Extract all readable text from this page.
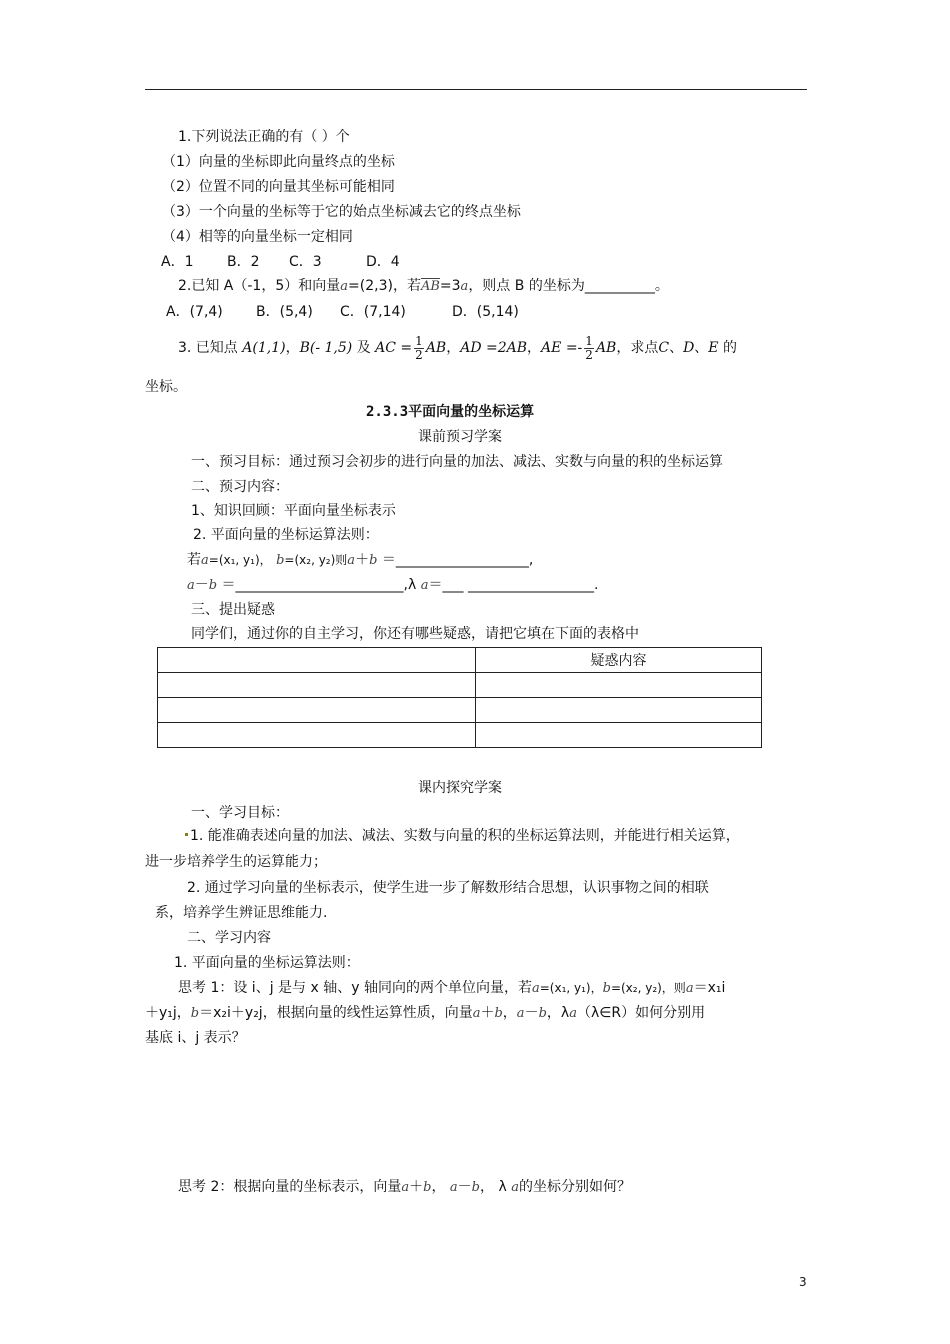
1.下列说法正确的有（ ）个
（1）向量的坐标即此向量终点的坐标
（2）位置不同的向量其坐标可能相同
（3）一个向量的坐标等于它的始点坐标减去它的终点坐标
（4）相等的向量坐标一定相同
A．1 B．2 C．3	D．4
2.已知 A（-1，5）和向量a=(2,3)，若$\overline{AB}=3a$，则点 B 的坐标为__________。
A．(7,4) B．(5,4) C．(7,14)	D．(5,14)
3. 已知点 A(1,1)，B(- 1,5) 及 AC = $\frac{1}{2}$ AB，AD =2AB，AE =- $\frac{1}{2}$ AB，求点C、D、E 的
坐标。
2.3.3平面向量的坐标运算
课前预习学案
一、预习目标：通过预习会初步的进行向量的加法、减法、实数与向量的积的坐标运算
二、预习内容：
1、知识回顾：平面向量坐标表示
2. 平面向量的坐标运算法则：
若a=(x₁, y₁)， b=(x₂, y₂)则a＋b ＝___________________,
a－b ＝________________________,λ a＝___ __________________.
三、提出疑惑
同学们，通过你的自主学习，你还有哪些疑惑，请把它填在下面的表格中
	疑惑内容

课内探究学案
一、学习目标：
1. 能准确表述向量的加法、减法、实数与向量的积的坐标运算法则，并能进行相关运算，
进一步培养学生的运算能力；
2. 通过学习向量的坐标表示，使学生进一步了解数形结合思想，认识事物之间的相联
系，培养学生辨证思维能力.
二、学习内容
1. 平面向量的坐标运算法则：
思考 1：设 i、j 是与 x 轴、y 轴同向的两个单位向量，若a=(x₁, y₁)，b=(x₂, y₂)，则a＝x₁i
＋y₁j，b＝x₂i＋y₂j，根据向量的线性运算性质，向量a＋b，a－b，λa（λ∈R）如何分别用
基底 i、j 表示？
思考 2：根据向量的坐标表示，向量a＋b， a－b， λ a的坐标分别如何？
3
